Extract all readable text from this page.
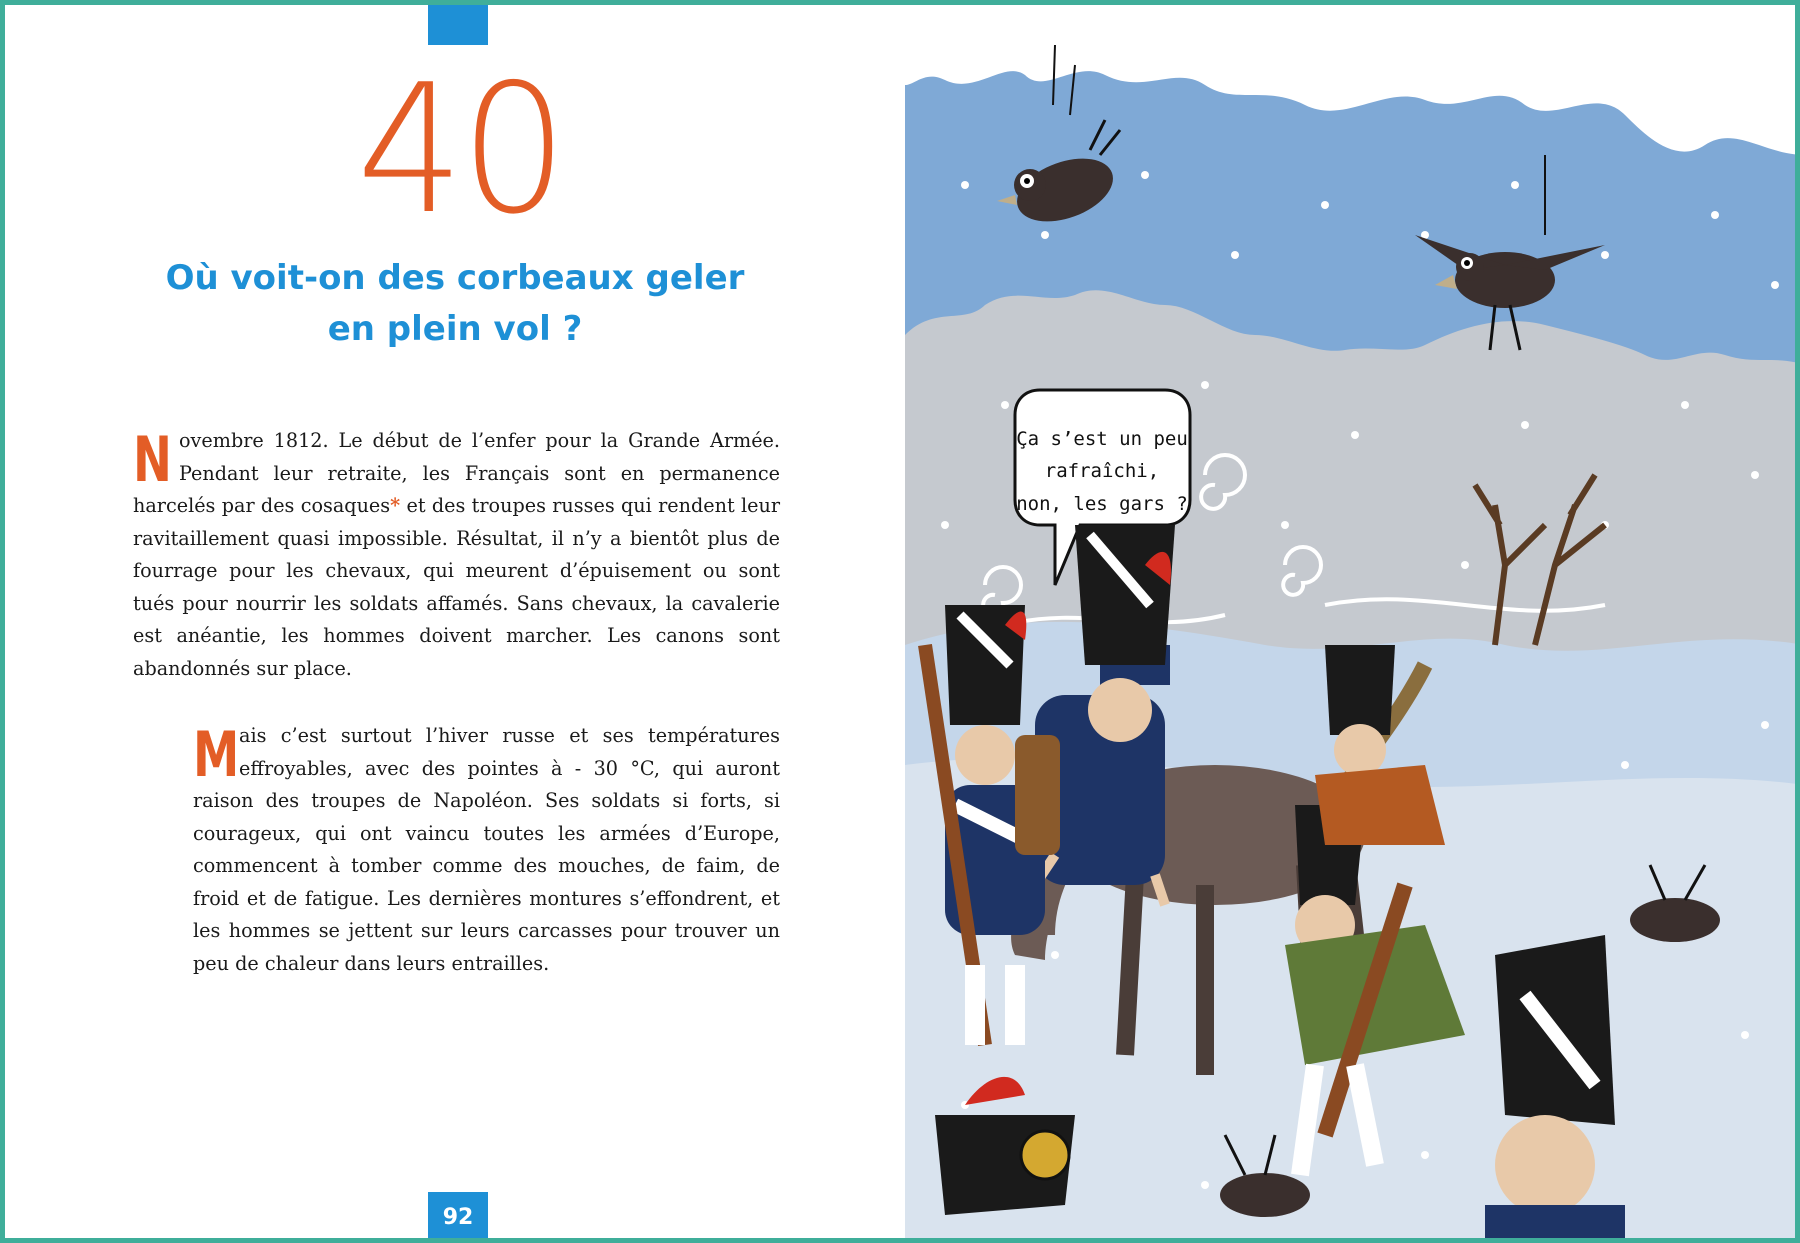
40
Où voit-on des corbeaux geler
en plein vol ?
Novembre 1812. Le début de l’enfer pour la Grande Armée. Pendant leur retraite, les Français sont en permanence harcelés par des cosaques* et des troupes russes qui rendent leur ravitaillement quasi impossible. Résultat, il n’y a bientôt plus de fourrage pour les chevaux, qui meurent d’épuisement ou sont tués pour nourrir les soldats affamés. Sans chevaux, la cavalerie est anéantie, les hommes doivent marcher. Les canons sont abandonnés sur place.
Mais c’est surtout l’hiver russe et ses températures effroyables, avec des pointes à - 30 °C, qui auront raison des troupes de Napoléon. Ses soldats si forts, si courageux, qui ont vaincu toutes les armées d’Europe, commencent à tomber comme des mouches, de faim, de froid et de fatigue. Les dernières montures s’effondrent, et les hommes se jettent sur leurs carcasses pour trouver un peu de chaleur dans leurs entrailles.
92
Ça s’est un peu
rafraîchi,
non, les gars ?
